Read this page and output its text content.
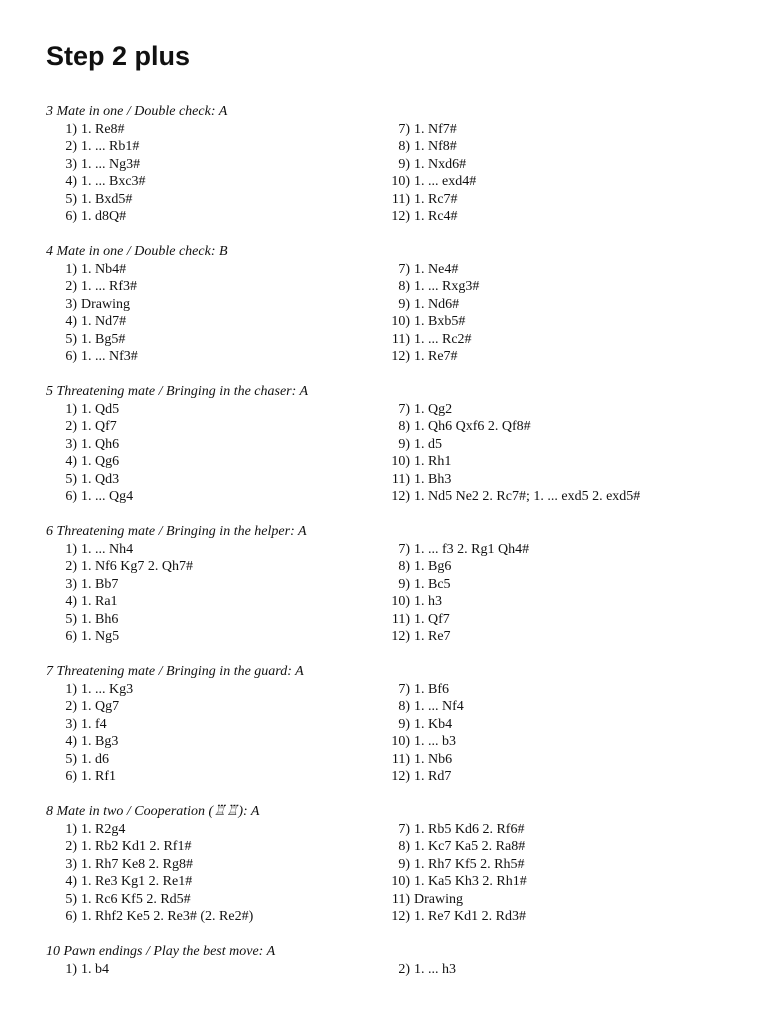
Step 2 plus
3 Mate in one / Double check: A
1) 1. Re8#	7) 1. Nf7#
2) 1. ... Rb1#	8) 1. Nf8#
3) 1. ... Ng3#	9) 1. Nxd6#
4) 1. ... Bxc3#	10) 1. ... exd4#
5) 1. Bxd5#	11) 1. Rc7#
6) 1. d8Q#	12) 1. Rc4#
4 Mate in one / Double check: B
1) 1. Nb4#	7) 1. Ne4#
2) 1. ... Rf3#	8) 1. ... Rxg3#
3) Drawing	9) 1. Nd6#
4) 1. Nd7#	10) 1. Bxb5#
5) 1. Bg5#	11) 1. ... Rc2#
6) 1. ... Nf3#	12) 1. Re7#
5 Threatening mate / Bringing in the chaser: A
1) 1. Qd5	7) 1. Qg2
2) 1. Qf7	8) 1. Qh6 Qxf6 2. Qf8#
3) 1. Qh6	9) 1. d5
4) 1. Qg6	10) 1. Rh1
5) 1. Qd3	11) 1. Bh3
6) 1. ... Qg4	12) 1. Nd5 Ne2 2. Rc7#; 1. ... exd5 2. exd5#
6 Threatening mate / Bringing in the helper: A
1) 1. ... Nh4	7) 1. ... f3 2. Rg1 Qh4#
2) 1. Nf6 Kg7 2. Qh7#	8) 1. Bg6
3) 1. Bb7	9) 1. Bc5
4) 1. Ra1	10) 1. h3
5) 1. Bh6	11) 1. Qf7
6) 1. Ng5	12) 1. Re7
7 Threatening mate / Bringing in the guard: A
1) 1. ... Kg3	7) 1. Bf6
2) 1. Qg7	8) 1. ... Nf4
3) 1. f4	9) 1. Kb4
4) 1. Bg3	10) 1. ... b3
5) 1. d6	11) 1. Nb6
6) 1. Rf1	12) 1. Rd7
8 Mate in two / Cooperation (♖♖): A
1) 1. R2g4	7) 1. Rb5 Kd6 2. Rf6#
2) 1. Rb2 Kd1 2. Rf1#	8) 1. Kc7 Ka5 2. Ra8#
3) 1. Rh7 Ke8 2. Rg8#	9) 1. Rh7 Kf5 2. Rh5#
4) 1. Re3 Kg1 2. Re1#	10) 1. Ka5 Kh3 2. Rh1#
5) 1. Rc6 Kf5 2. Rd5#	11) Drawing
6) 1. Rhf2 Ke5 2. Re3# (2. Re2#)	12) 1. Re7 Kd1 2. Rd3#
10 Pawn endings / Play the best move: A
1) 1. b4	2) 1. ... h3
